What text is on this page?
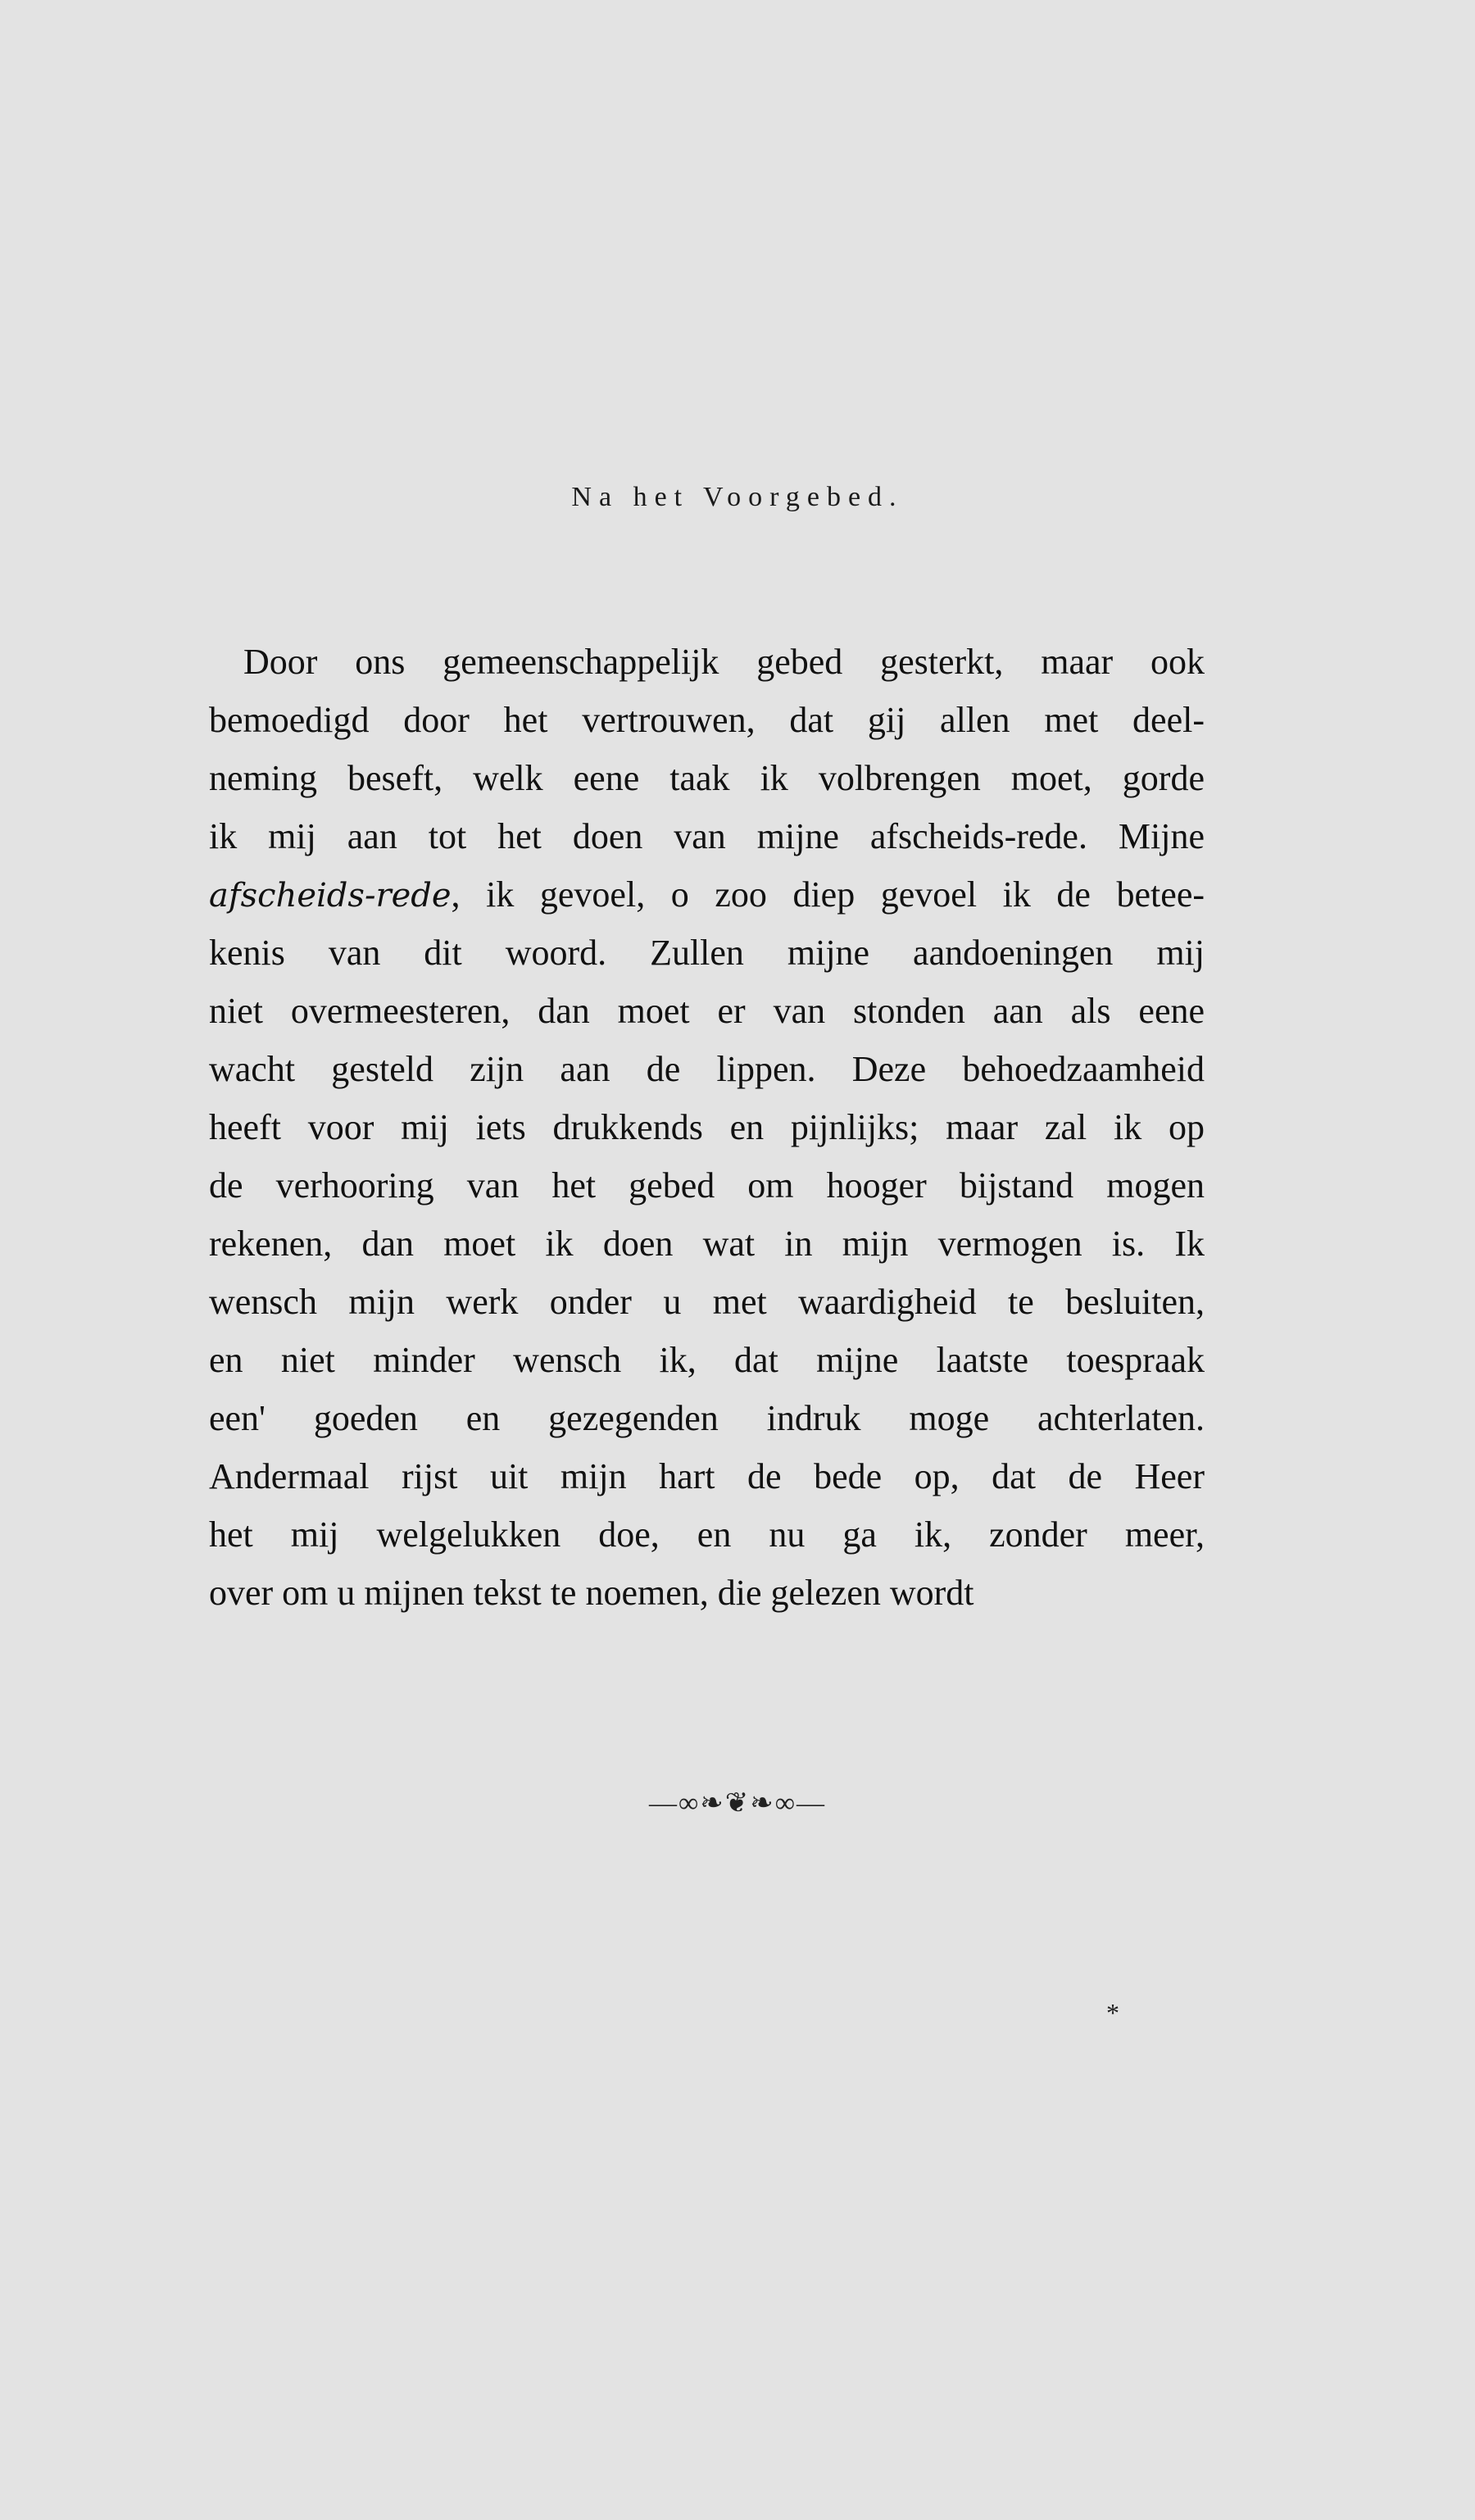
Na het Voorgebed.
Door ons gemeenschappelijk gebed gesterkt, maar ook
bemoedigd door het vertrouwen, dat gij allen met deel-
neming beseft, welk eene taak ik volbrengen moet, gorde
ik mij aan tot het doen van mijne afscheids-rede. Mijne
afscheids-rede, ik gevoel, o zoo diep gevoel ik de betee-
kenis van dit woord. Zullen mijne aandoeningen mij
niet overmeesteren, dan moet er van stonden aan als eene
wacht gesteld zijn aan de lippen. Deze behoedzaamheid
heeft voor mij iets drukkends en pijnlijks; maar zal ik op
de verhooring van het gebed om hooger bijstand mogen
rekenen, dan moet ik doen wat in mijn vermogen is. Ik
wensch mijn werk onder u met waardigheid te besluiten,
en niet minder wensch ik, dat mijne laatste toespraak
een' goeden en gezegenden indruk moge achterlaten.
Andermaal rijst uit mijn hart de bede op, dat de Heer
het mij welgelukken doe, en nu ga ik, zonder meer,
over om u mijnen tekst te noemen, die gelezen wordt
—∞❧❦❧∞—
*
